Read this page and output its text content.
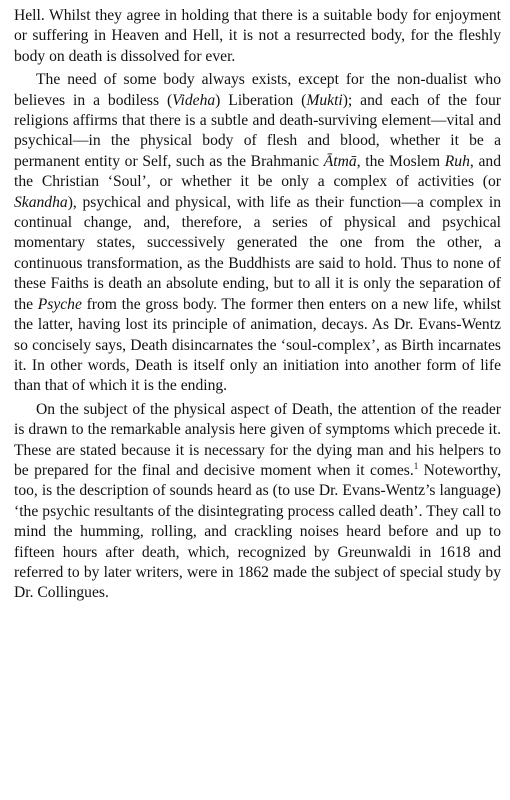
Hell. Whilst they agree in holding that there is a suitable body for enjoyment or suffering in Heaven and Hell, it is not a resurrected body, for the fleshly body on death is dissolved for ever.

The need of some body always exists, except for the non-dualist who believes in a bodiless (Videha) Liberation (Mukti); and each of the four religions affirms that there is a subtle and death-surviving element—vital and psychical—in the physical body of flesh and blood, whether it be a permanent entity or Self, such as the Brahmanic Ātmā, the Moslem Ruh, and the Christian ‘Soul’, or whether it be only a complex of activities (or Skandha), psychical and physical, with life as their function—a complex in continual change, and, therefore, a series of physical and psychical momentary states, successively generated the one from the other, a continuous transformation, as the Buddhists are said to hold. Thus to none of these Faiths is death an absolute ending, but to all it is only the separation of the Psyche from the gross body. The former then enters on a new life, whilst the latter, having lost its principle of animation, decays. As Dr. Evans-Wentz so concisely says, Death disincarnates the ‘soul-complex’, as Birth incarnates it. In other words, Death is itself only an initiation into another form of life than that of which it is the ending.

On the subject of the physical aspect of Death, the attention of the reader is drawn to the remarkable analysis here given of symptoms which precede it. These are stated because it is necessary for the dying man and his helpers to be prepared for the final and decisive moment when it comes.$^1$ Noteworthy, too, is the description of sounds heard as (to use Dr. Evans-Wentz’s language) ‘the psychic resultants of the disintegrating process called death’. They call to mind the humming, rolling, and crackling noises heard before and up to fifteen hours after death, which, recognized by Greunwaldi in 1618 and referred to by later writers, were in 1862 made the subject of special study by Dr. Collingues.
